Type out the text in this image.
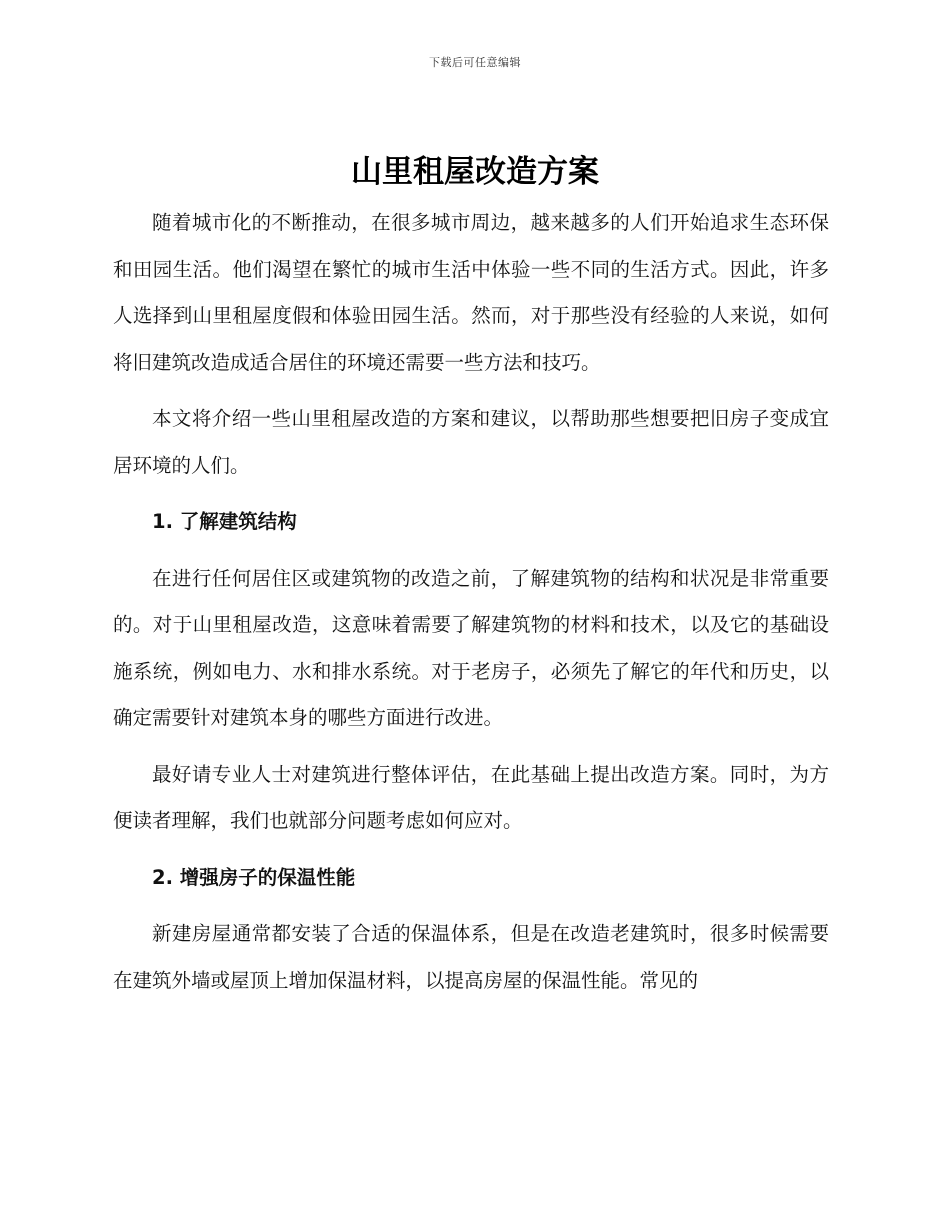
下载后可任意编辑
山里租屋改造方案

随着城市化的不断推动，在很多城市周边，越来越多的人们开始追求生态环保和田园生活。他们渴望在繁忙的城市生活中体验一些不同的生活方式。因此，许多人选择到山里租屋度假和体验田园生活。然而，对于那些没有经验的人来说，如何将旧建筑改造成适合居住的环境还需要一些方法和技巧。

本文将介绍一些山里租屋改造的方案和建议，以帮助那些想要把旧房子变成宜居环境的人们。

1. 了解建筑结构

在进行任何居住区或建筑物的改造之前，了解建筑物的结构和状况是非常重要的。对于山里租屋改造，这意味着需要了解建筑物的材料和技术，以及它的基础设施系统，例如电力、水和排水系统。对于老房子，必须先了解它的年代和历史，以确定需要针对建筑本身的哪些方面进行改进。

最好请专业人士对建筑进行整体评估，在此基础上提出改造方案。同时，为方便读者理解，我们也就部分问题考虑如何应对。

2. 增强房子的保温性能

新建房屋通常都安装了合适的保温体系，但是在改造老建筑时，很多时候需要在建筑外墙或屋顶上增加保温材料，以提高房屋的保温性能。常见的
